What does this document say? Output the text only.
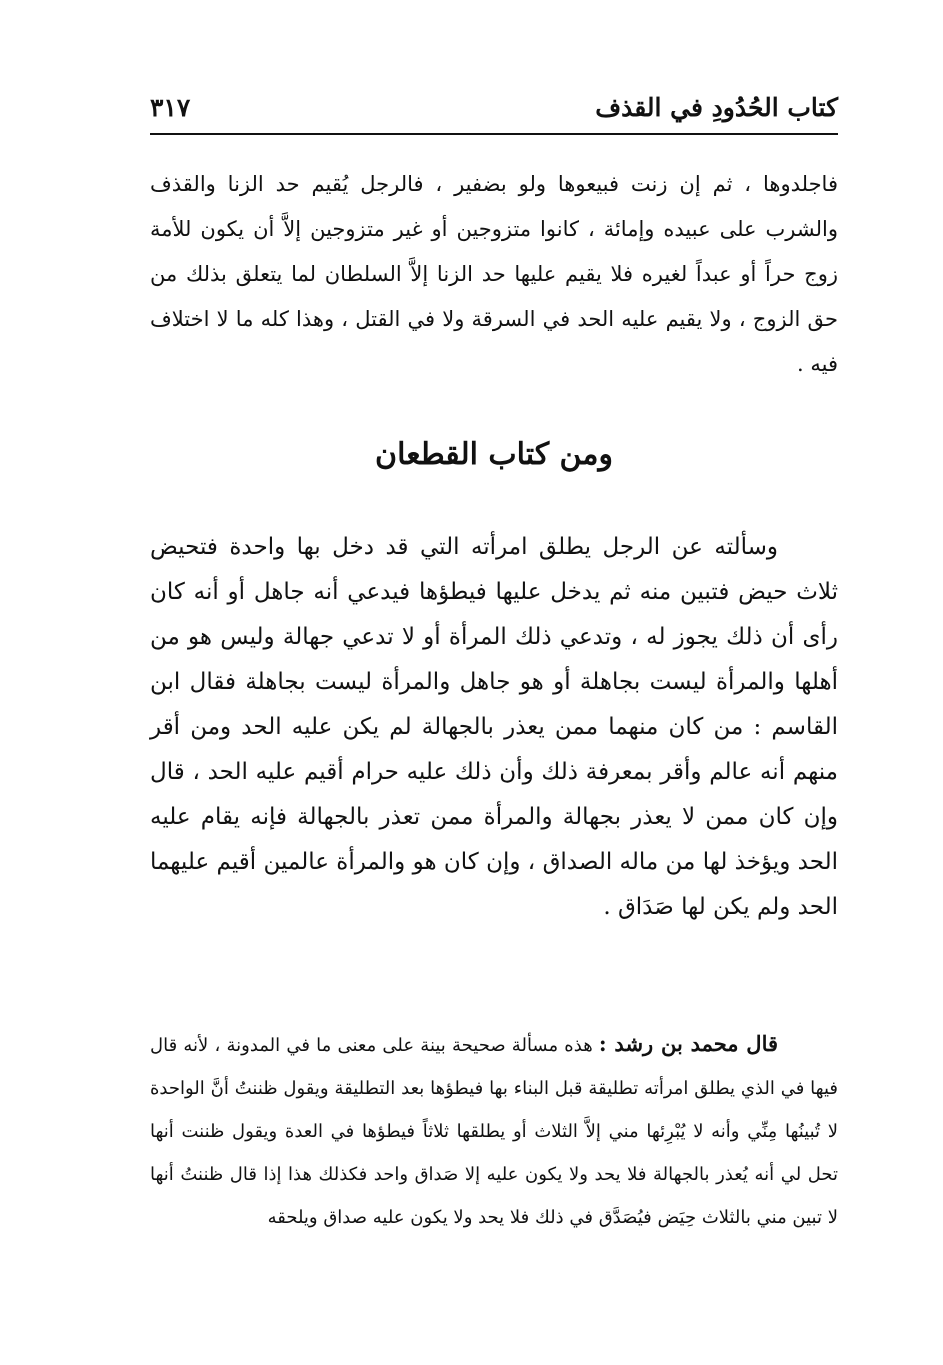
كتاب الحُدُودِ في القذف
٣١٧
فاجلدوها ، ثم إن زنت فبيعوها ولو بضفير ، فالرجل يُقيم حد الزنا والقذف والشرب على عبيده وإمائة ، كانوا متزوجين أو غير متزوجين إلاَّ أن يكون للأمة زوج حراً أو عبداً لغيره فلا يقيم عليها حد الزنا إلاَّ السلطان لما يتعلق بذلك من حق الزوج ، ولا يقيم عليه الحد في السرقة ولا في القتل ، وهذا كله ما لا اختلاف فيه .
ومن كتاب القطعان
وسألته عن الرجل يطلق امرأته التي قد دخل بها واحدة فتحيض ثلاث حيض فتبين منه ثم يدخل عليها فيطؤها فيدعي أنه جاهل أو أنه كان رأى أن ذلك يجوز له ، وتدعي ذلك المرأة أو لا تدعي جهالة وليس هو من أهلها والمرأة ليست بجاهلة أو هو جاهل والمرأة ليست بجاهلة فقال ابن القاسم : من كان منهما ممن يعذر بالجهالة لم يكن عليه الحد ومن أقر منهم أنه عالم وأقر بمعرفة ذلك وأن ذلك عليه حرام أقيم عليه الحد ، قال وإن كان ممن لا يعذر بجهالة والمرأة ممن تعذر بالجهالة فإنه يقام عليه الحد ويؤخذ لها من ماله الصداق ، وإن كان هو والمرأة عالمين أقيم عليهما الحد ولم يكن لها صَدَاق .
قال محمد بن رشد : هذه مسألة صحيحة بينة على معنى ما في المدونة ، لأنه قال فيها في الذي يطلق امرأته تطليقة قبل البناء بها فيطؤها بعد التطليقة ويقول ظننتُ أنَّ الواحدة لا تُبينُها مِنِّي وأنه لا يُبْرِئها مني إلاَّ الثلاث أو يطلقها ثلاثاً فيطؤها في العدة ويقول ظننت أنها تحل لي أنه يُعذر بالجهالة فلا يحد ولا يكون عليه إلا صَداق واحد فكذلك هذا إذا قال ظننتُ أنها لا تبين مني بالثلاث حِيَض فيُصَدَّق في ذلك فلا يحد ولا يكون عليه صداق ويلحقه
